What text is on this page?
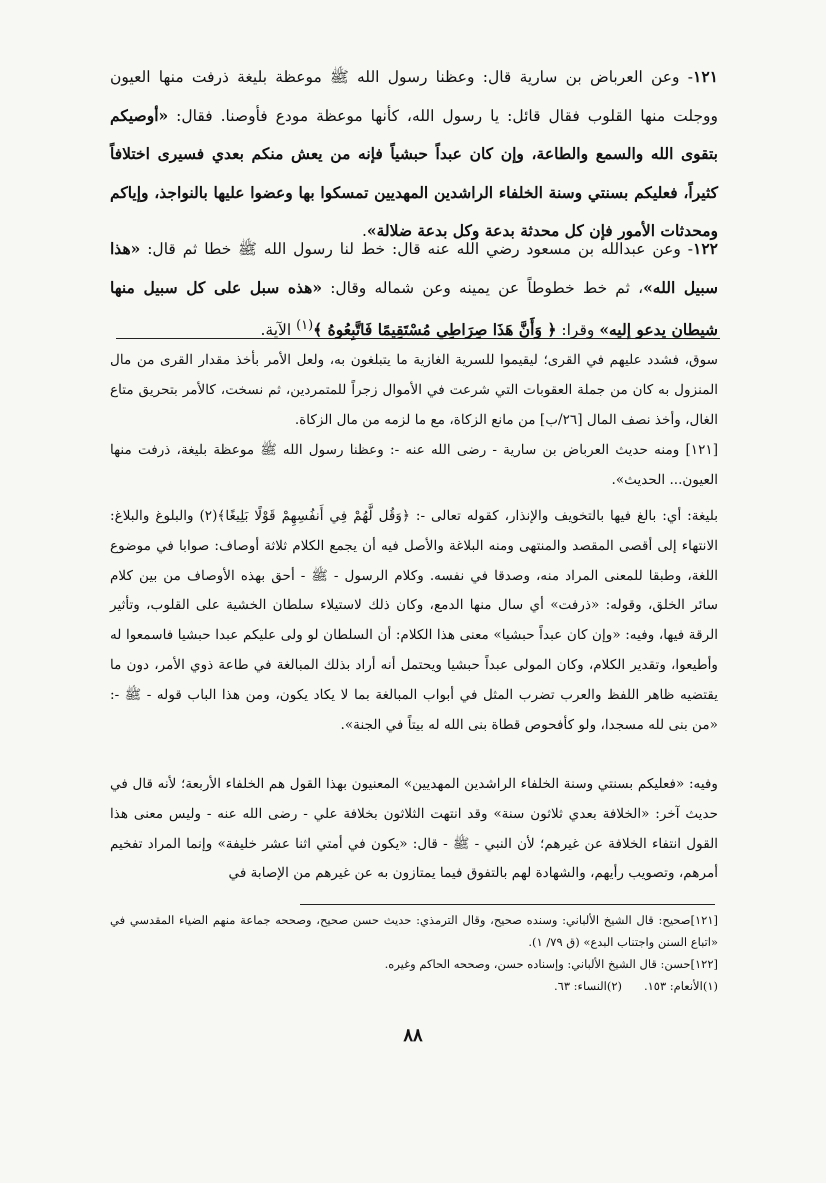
١٢١- وعن العرباض بن سارية قال: وعظنا رسول الله ﷺ موعظة بليغة ذرفت منها العيون ووجلت منها القلوب فقال قائل: يا رسول الله، كأنها موعظة مودع فأوصنا. فقال: «أوصيكم بتقوى الله والسمع والطاعة، وإن كان عبداً حبشياً فإنه من يعش منكم بعدي فسيرى اختلافاً كثيراً، فعليكم بسنتي وسنة الخلفاء الراشدين المهديين تمسكوا بها وعضوا عليها بالنواجذ، وإياكم ومحدثات الأمور فإن كل محدثة بدعة وكل بدعة ضلالة».

١٢٢- وعن عبدالله بن مسعود رضي الله عنه قال: خط لنا رسول الله ﷺ خطا ثم قال: «هذا سبيل الله»، ثم خط خطوطاً عن يمينه وعن شماله وقال: «هذه سبل على كل سبيل منها شيطان يدعو إليه» وقرا: ﴿ وَأَنَّ هَذَا صِرَاطِي مُسْتَقِيمًا فَاتَّبِعُوهُ ﴾$^{(١)}$ الآية.

سوق، فشدد عليهم في القرى؛ ليقيموا للسرية الغازية ما يتبلغون به، ولعل الأمر بأخذ مقدار القرى من مال المنزول به كان من جملة العقوبات التي شرعت في الأموال زجراً للمتمردين، ثم نسخت، كالأمر بتحريق متاع الغال، وأخذ نصف المال [٢٦/ب] من مانع الزكاة، مع ما لزمه من مال الزكاة.

[١٢١] ومنه حديث العرباض بن سارية - رضى الله عنه -: وعظنا رسول الله ﷺ موعظة بليغة، ذرفت منها العيون... الحديث».

بليغة: أي: بالغ فيها بالتخويف والإنذار، كقوله تعالى -: ﴿وَقُل لَّهُمْ فِي أَنفُسِهِمْ قَوْلًا بَلِيغًا﴾(٢) والبلوغ والبلاغ: الانتهاء إلى أقصى المقصد والمنتهى ومنه البلاغة والأصل فيه أن يجمع الكلام ثلاثة أوصاف: صوابا في موضوع اللغة، وطبقا للمعنى المراد منه، وصدقا في نفسه. وكلام الرسول - ﷺ - أحق بهذه الأوصاف من بين كلام سائر الخلق، وقوله: «ذرفت» أي سال منها الدمع، وكان ذلك لاستيلاء سلطان الخشية على القلوب، وتأثير الرقة فيها، وفيه: «وإن كان عبداً حبشيا» معنى هذا الكلام: أن السلطان لو ولى عليكم عبدا حبشيا فاسمعوا له وأطيعوا، وتقدير الكلام، وكان المولى عبداً حبشيا ويحتمل أنه أراد بذلك المبالغة في طاعة ذوي الأمر، دون ما يقتضيه ظاهر اللفظ والعرب تضرب المثل في أبواب المبالغة بما لا يكاد يكون، ومن هذا الباب قوله - ﷺ -: «من بنى لله مسجدا، ولو كأفحوص قطاة بنى الله له بيتاً في الجنة».

وفيه: «فعليكم بسنتي وسنة الخلفاء الراشدين المهديين» المعنيون بهذا القول هم الخلفاء الأربعة؛ لأنه قال في حديث آخر: «الخلافة بعدي ثلاثون سنة» وقد انتهت الثلاثون بخلافة علي - رضى الله عنه - وليس معنى هذا القول انتفاء الخلافة عن غيرهم؛ لأن النبي - ﷺ - قال: «يكون في أمتي اثنا عشر خليفة» وإنما المراد تفخيم أمرهم، وتصويب رأيهم، والشهادة لهم بالتفوق فيما يمتازون به عن غيرهم من الإصابة في

[١٢١]صحيح: قال الشيخ الألباني: وسنده صحيح، وقال الترمذي: حديث حسن صحيح، وصححه جماعة منهم الضياء المقدسي في «اتباع السنن واجتناب البدع» (ق ٧٩/ ١).

[١٢٢]حسن: قال الشيخ الألباني: وإسناده حسن، وصححه الحاكم وغيره.

(١)الأنعام: ١٥٣.      (٢)النساء: ٦٣.

٨٨
